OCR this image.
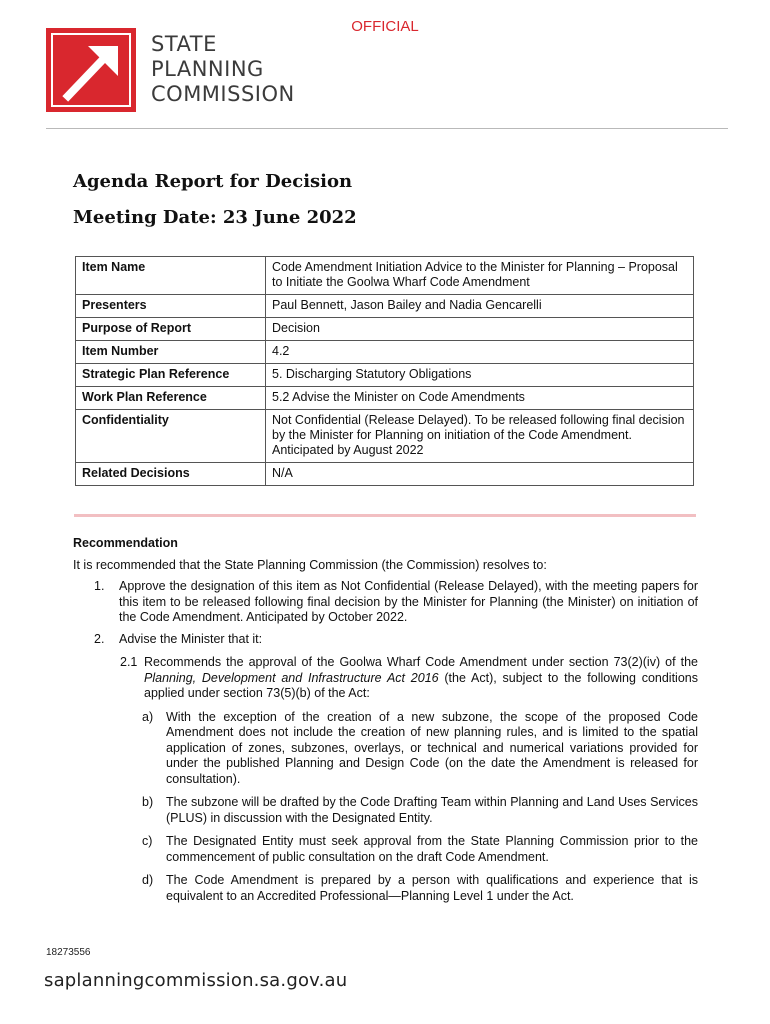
OFFICIAL
STATE
PLANNING
COMMISSION
Agenda Report for Decision
Meeting Date: 23 June 2022
Item Name	Code Amendment Initiation Advice to the Minister for Planning – Proposal to Initiate the Goolwa Wharf Code Amendment
Presenters	Paul Bennett, Jason Bailey and Nadia Gencarelli
Purpose of Report	Decision
Item Number	4.2
Strategic Plan Reference	5. Discharging Statutory Obligations
Work Plan Reference	5.2 Advise the Minister on Code Amendments
Confidentiality	Not Confidential (Release Delayed). To be released following final decision by the Minister for Planning on initiation of the Code Amendment. Anticipated by August 2022
Related Decisions	N/A
Recommendation

It is recommended that the State Planning Commission (the Commission) resolves to:

1. Approve the designation of this item as Not Confidential (Release Delayed), with the meeting papers for this item to be released following final decision by the Minister for Planning (the Minister) on initiation of the Code Amendment. Anticipated by October 2022.
2. Advise the Minister that it:
2.1 Recommends the approval of the Goolwa Wharf Code Amendment under section 73(2)(iv) of the Planning, Development and Infrastructure Act 2016 (the Act), subject to the following conditions applied under section 73(5)(b) of the Act:
a) With the exception of the creation of a new subzone, the scope of the proposed Code Amendment does not include the creation of new planning rules, and is limited to the spatial application of zones, subzones, overlays, or technical and numerical variations provided for under the published Planning and Design Code (on the date the Amendment is released for consultation).
b) The subzone will be drafted by the Code Drafting Team within Planning and Land Uses Services (PLUS) in discussion with the Designated Entity.
c) The Designated Entity must seek approval from the State Planning Commission prior to the commencement of public consultation on the draft Code Amendment.
d) The Code Amendment is prepared by a person with qualifications and experience that is equivalent to an Accredited Professional—Planning Level 1 under the Act.
18273556
saplanningcommission.sa.gov.au
